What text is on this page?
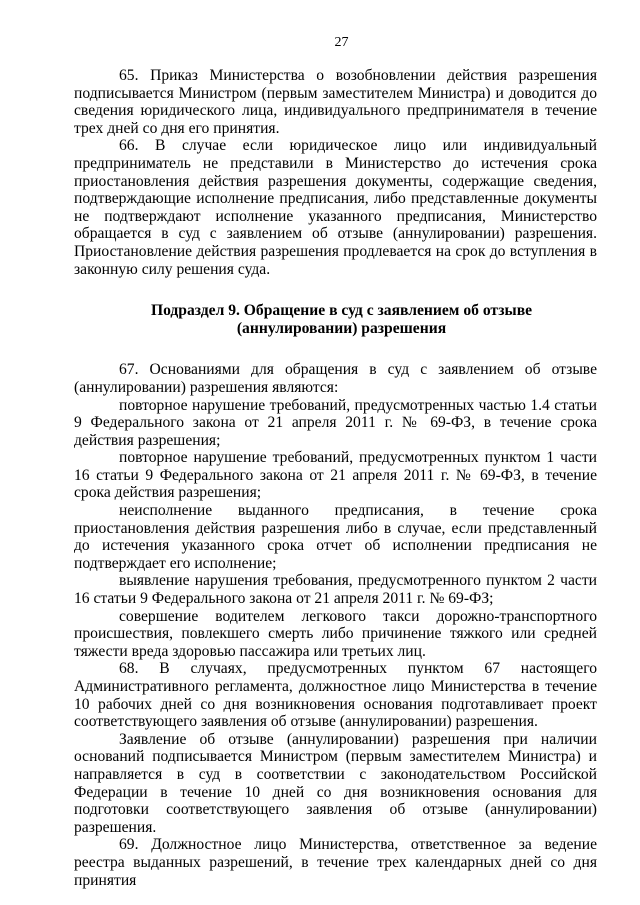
27

65. Приказ Министерства о возобновлении действия разрешения подписывается Министром (первым заместителем Министра) и доводится до сведения юридического лица, индивидуального предпринимателя в течение трех дней со дня его принятия.

66. В случае если юридическое лицо или индивидуальный предприниматель не представили в Министерство до истечения срока приостановления действия разрешения документы, содержащие сведения, подтверждающие исполнение предписания, либо представленные документы не подтверждают исполнение указанного предписания, Министерство обращается в суд с заявлением об отзыве (аннулировании) разрешения. Приостановление действия разрешения продлевается на срок до вступления в законную силу решения суда.

Подраздел 9. Обращение в суд с заявлением об отзыве
(аннулировании) разрешения

67. Основаниями для обращения в суд с заявлением об отзыве (аннулировании) разрешения являются:

повторное нарушение требований, предусмотренных частью 1.4 статьи 9 Федерального закона от 21 апреля 2011 г. № 69-ФЗ, в течение срока действия разрешения;

повторное нарушение требований, предусмотренных пунктом 1 части 16 статьи 9 Федерального закона от 21 апреля 2011 г. № 69-ФЗ, в течение срока действия разрешения;

неисполнение выданного предписания, в течение срока приостановления действия разрешения либо в случае, если представленный до истечения указанного срока отчет об исполнении предписания не подтверждает его исполнение;

выявление нарушения требования, предусмотренного пунктом 2 части 16 статьи 9 Федерального закона от 21 апреля 2011 г. № 69-ФЗ;

совершение водителем легкового такси дорожно-транспортного происшествия, повлекшего смерть либо причинение тяжкого или средней тяжести вреда здоровью пассажира или третьих лиц.

68. В случаях, предусмотренных пунктом 67 настоящего Административного регламента, должностное лицо Министерства в течение 10 рабочих дней со дня возникновения основания подготавливает проект соответствующего заявления об отзыве (аннулировании) разрешения.

Заявление об отзыве (аннулировании) разрешения при наличии оснований подписывается Министром (первым заместителем Министра) и направляется в суд в соответствии с законодательством Российской Федерации в течение 10 дней со дня возникновения основания для подготовки соответствующего заявления об отзыве (аннулировании) разрешения.

69. Должностное лицо Министерства, ответственное за ведение реестра выданных разрешений, в течение трех календарных дней со дня принятия
